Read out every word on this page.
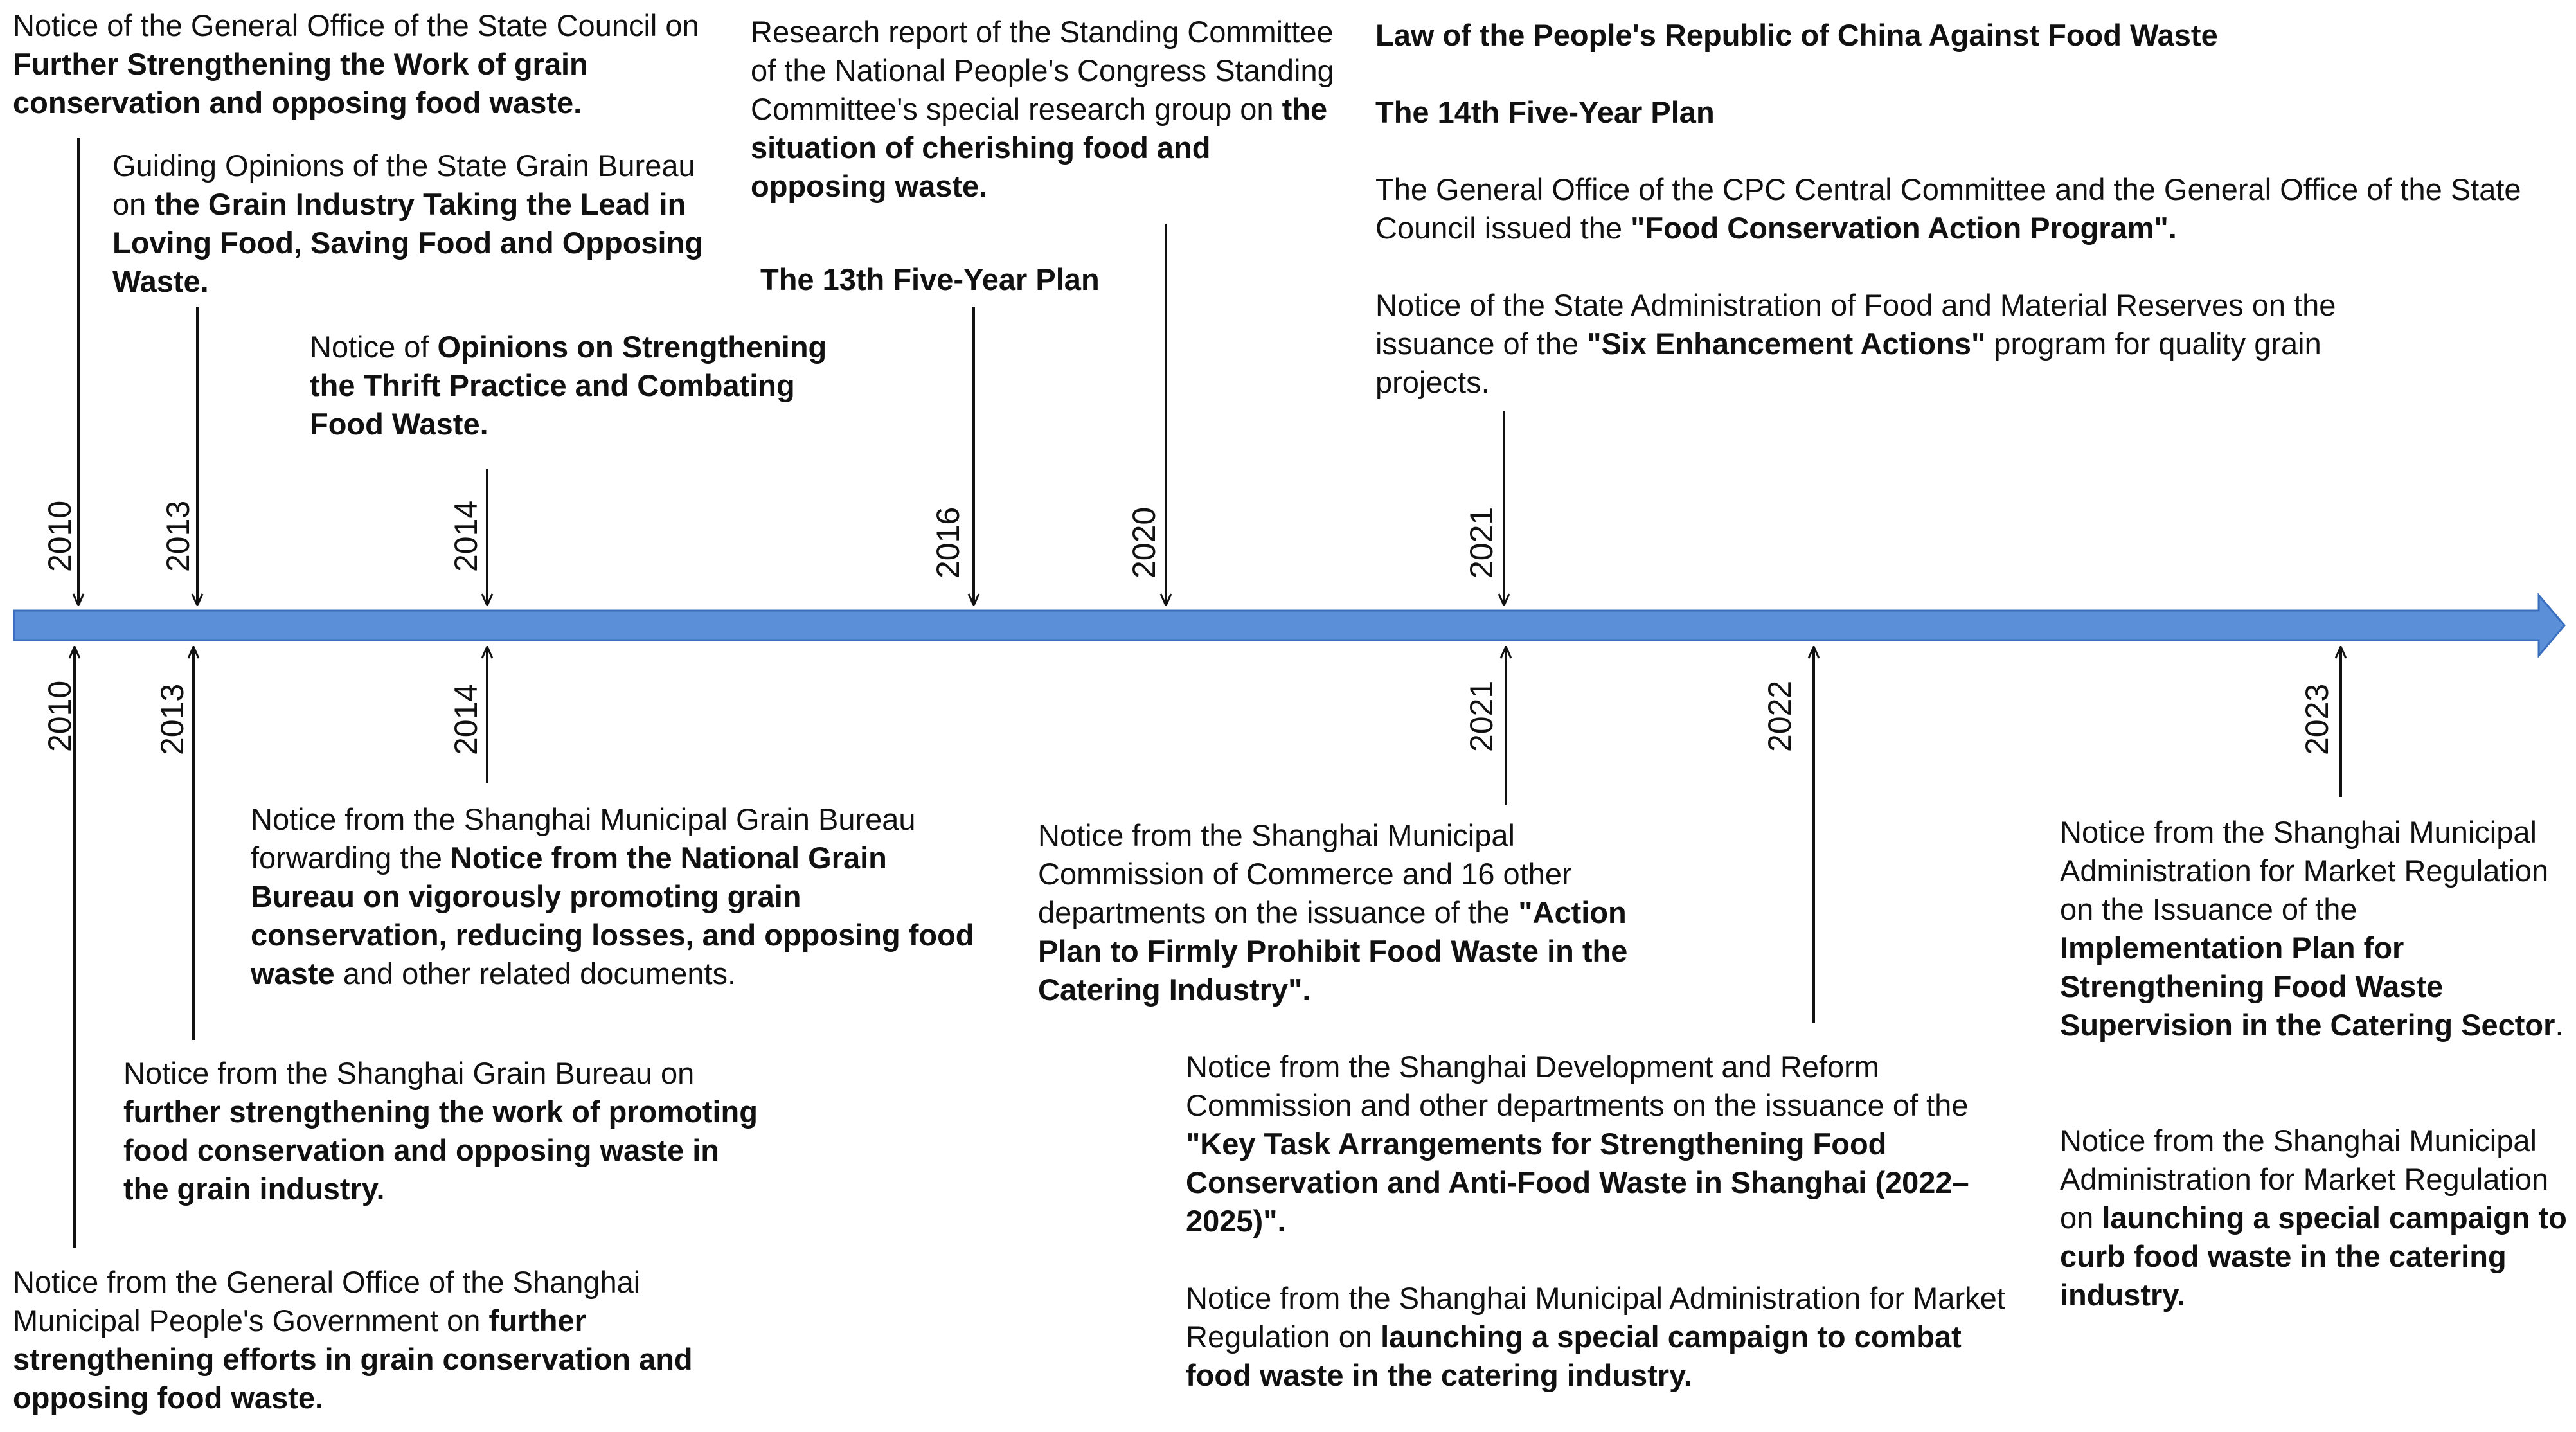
2010	2013	2014	2016	2020	2021
2010 2013	2014	2021	2022	2023

Notice of the General Office of the State Council on Further Strengthening the Work of grain conservation and opposing food waste.

Guiding Opinions of the State Grain Bureau on the Grain Industry Taking the Lead in Loving Food, Saving Food and Opposing Waste.

Notice of Opinions on Strengthening the Thrift Practice and Combating Food Waste.

Research report of the Standing Committee of the National People's Congress Standing Committee's special research group on the situation of cherishing food and opposing waste.

The 13th Five-Year Plan

Law of the People's Republic of China Against Food Waste

The 14th Five-Year Plan

The General Office of the CPC Central Committee and the General Office of the State Council issued the "Food Conservation Action Program".

Notice of the State Administration of Food and Material Reserves on the issuance of the "Six Enhancement Actions" program for quality grain projects.

Notice from the Shanghai Municipal Grain Bureau forwarding the Notice from the National Grain Bureau on vigorously promoting grain conservation, reducing losses, and opposing food waste and other related documents.

Notice from the Shanghai Grain Bureau on further strengthening the work of promoting food conservation and opposing waste in the grain industry.

Notice from the General Office of the Shanghai Municipal People's Government on further strengthening efforts in grain conservation and opposing food waste.

Notice from the Shanghai Municipal Commission of Commerce and 16 other departments on the issuance of the "Action Plan to Firmly Prohibit Food Waste in the Catering Industry".

Notice from the Shanghai Development and Reform Commission and other departments on the issuance of the "Key Task Arrangements for Strengthening Food Conservation and Anti-Food Waste in Shanghai (2022–2025)".

Notice from the Shanghai Municipal Administration for Market Regulation on launching a special campaign to combat food waste in the catering industry.

Notice from the Shanghai Municipal Administration for Market Regulation on the Issuance of the Implementation Plan for Strengthening Food Waste Supervision in the Catering Sector.

Notice from the Shanghai Municipal Administration for Market Regulation on launching a special campaign to curb food waste in the catering industry.
